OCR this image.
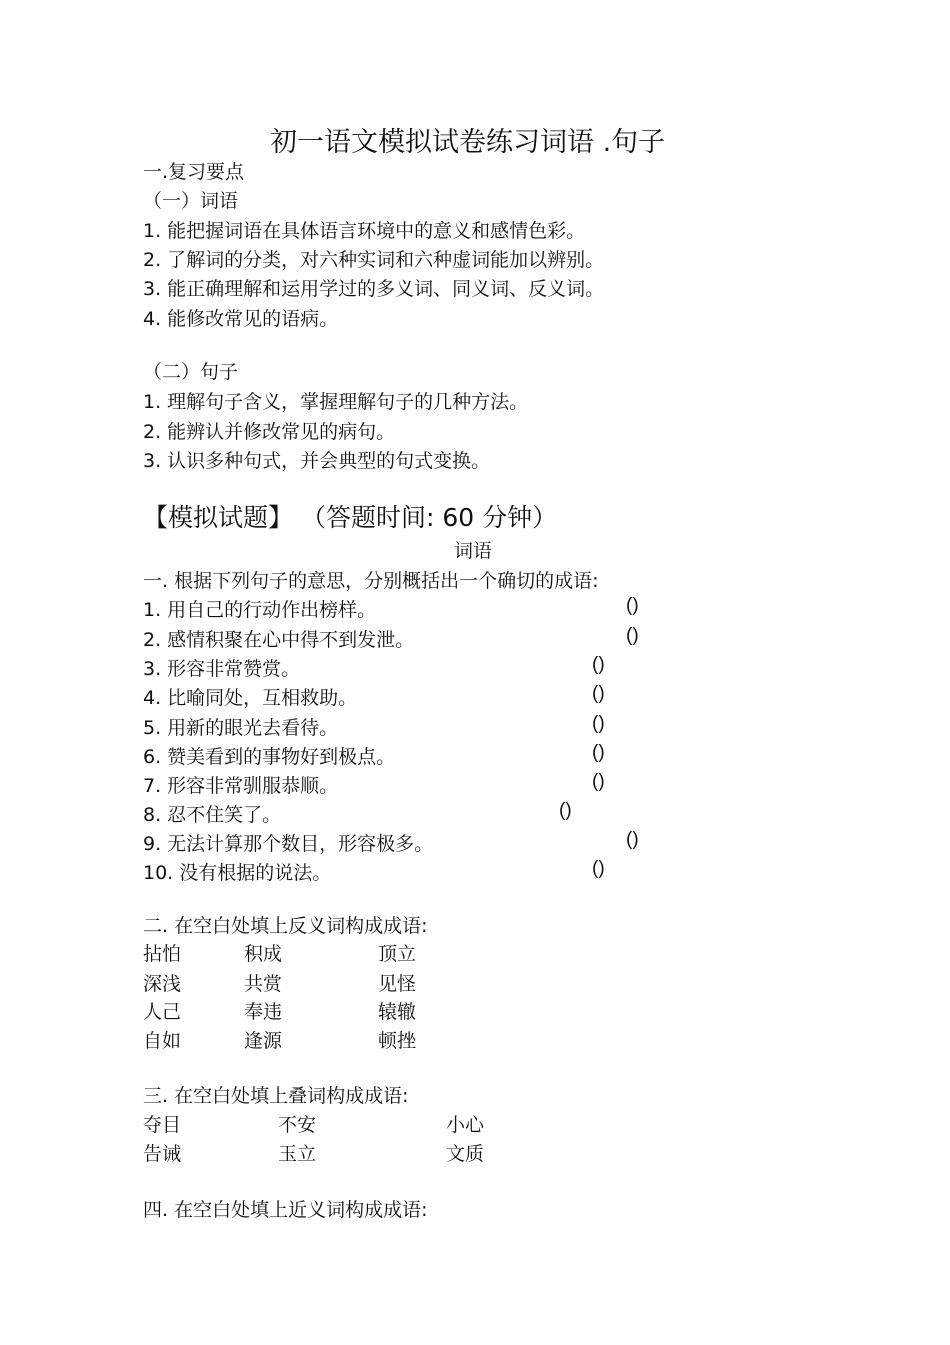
初一语文模拟试卷练习词语 .句子
一.复习要点
（一）词语
1. 能把握词语在具体语言环境中的意义和感情色彩。
2. 了解词的分类，对六种实词和六种虚词能加以辨别。
3. 能正确理解和运用学过的多义词、同义词、反义词。
4. 能修改常见的语病。
（二）句子
1. 理解句子含义，掌握理解句子的几种方法。
2. 能辨认并修改常见的病句。
3. 认识多种句式，并会典型的句式变换。
【模拟试题】 （答题时间: 60 分钟）
词语
一. 根据下列句子的意思，分别概括出一个确切的成语:
1. 用自己的行动作出榜样。	()
2. 感情积聚在心中得不到发泄。	()
3. 形容非常赞赏。	()
4. 比喻同处，互相救助。	()
5. 用新的眼光去看待。	()
6. 赞美看到的事物好到极点。	()
7. 形容非常驯服恭顺。	()
8. 忍不住笑了。	()
9. 无法计算那个数目，形容极多。	()
10. 没有根据的说法。	()
二. 在空白处填上反义词构成成语:
拈怕	积成	顶立
深浅	共赏	见怪
人己	奉违	辕辙
自如	逢源	顿挫
三. 在空白处填上叠词构成成语:
夺目	不安	小心
告诫	玉立	文质
四. 在空白处填上近义词构成成语:
